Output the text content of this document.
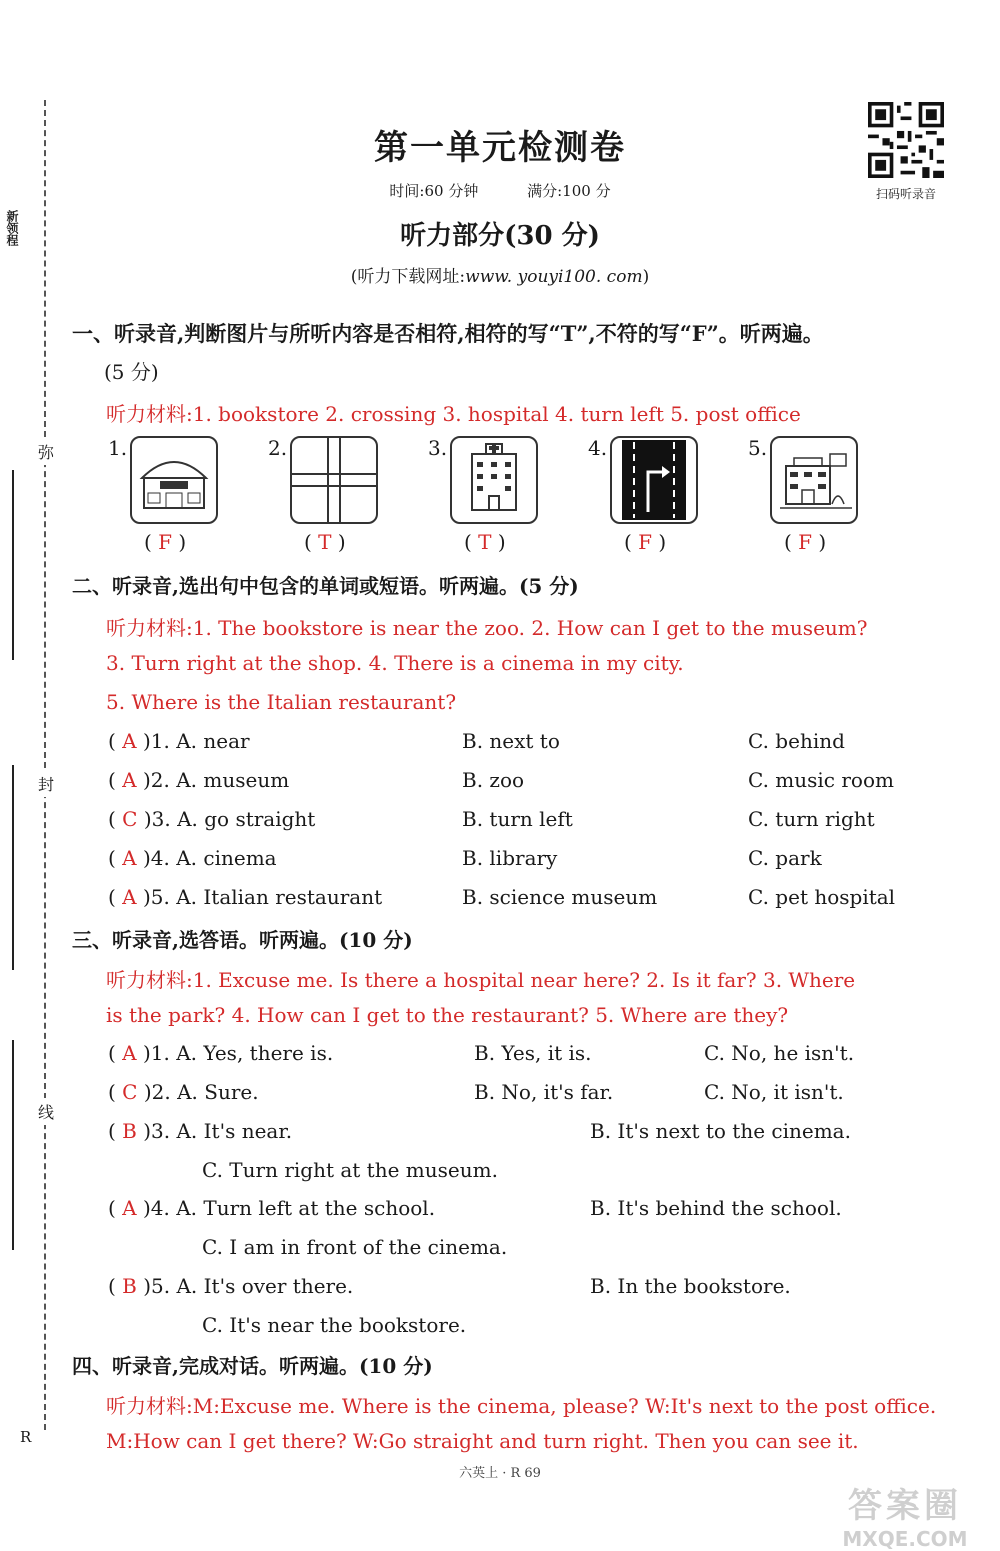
新领程
弥
封
线
R
第一单元检测卷
时间:60 分钟	满分:100 分
听力部分(30 分)
(听力下载网址:www. youyi100. com)
扫码听录音
一、听录音,判断图片与所听内容是否相符,相符的写“T”,不符的写“F”。听两遍。
(5 分)
听力材料:1. bookstore 2. crossing 3. hospital 4. turn left 5. post office
1.	2.	3.	4.	5.
( F )	( T )	( T )	( F )	( F )
二、听录音,选出句中包含的单词或短语。听两遍。(5 分)
听力材料:1. The bookstore is near the zoo. 2. How can I get to the museum?
3. Turn right at the shop. 4. There is a cinema in my city.
5. Where is the Italian restaurant?
( A )1. A. near	B. next to	C. behind
( A )2. A. museum	B. zoo	C. music room
( C )3. A. go straight	B. turn left	C. turn right
( A )4. A. cinema	B. library	C. park
( A )5. A. Italian restaurant	B. science museum	C. pet hospital
三、听录音,选答语。听两遍。(10 分)
听力材料:1. Excuse me. Is there a hospital near here? 2. Is it far? 3. Where
is the park? 4. How can I get to the restaurant? 5. Where are they?
( A )1. A. Yes, there is.	B. Yes, it is.	C. No, he isn't.
( C )2. A. Sure.	B. No, it's far.	C. No, it isn't.
( B )3. A. It's near.	B. It's next to the cinema.
C. Turn right at the museum.
( A )4. A. Turn left at the school.	B. It's behind the school.
C. I am in front of the cinema.
( B )5. A. It's over there.	B. In the bookstore.
C. It's near the bookstore.
四、听录音,完成对话。听两遍。(10 分)
听力材料:M:Excuse me. Where is the cinema, please? W:It's next to the post office.
M:How can I get there? W:Go straight and turn right. Then you can see it.
六英上 · R 69
答案圈
MXQE.COM
